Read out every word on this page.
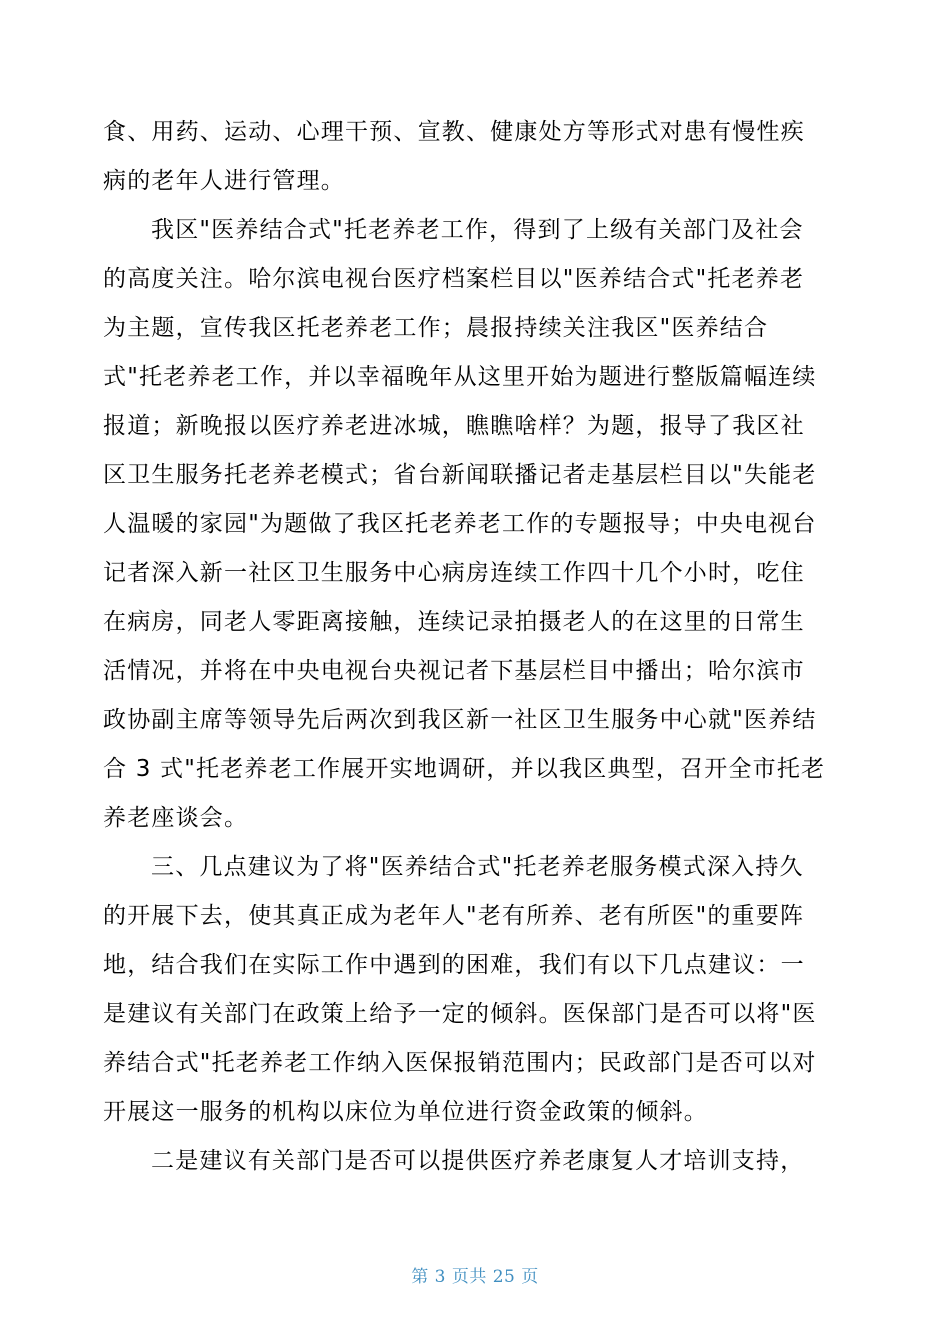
食、用药、运动、心理干预、宣教、健康处方等形式对患有慢性疾
病的老年人进行管理。
我区"医养结合式"托老养老工作，得到了上级有关部门及社会
的高度关注。哈尔滨电视台医疗档案栏目以"医养结合式"托老养老
为主题，宣传我区托老养老工作；晨报持续关注我区"医养结合
式"托老养老工作，并以幸福晚年从这里开始为题进行整版篇幅连续
报道；新晚报以医疗养老进冰城，瞧瞧啥样？为题，报导了我区社
区卫生服务托老养老模式；省台新闻联播记者走基层栏目以"失能老
人温暖的家园"为题做了我区托老养老工作的专题报导；中央电视台
记者深入新一社区卫生服务中心病房连续工作四十几个小时，吃住
在病房，同老人零距离接触，连续记录拍摄老人的在这里的日常生
活情况，并将在中央电视台央视记者下基层栏目中播出；哈尔滨市
政协副主席等领导先后两次到我区新一社区卫生服务中心就"医养结
合 3 式"托老养老工作展开实地调研，并以我区典型，召开全市托老
养老座谈会。
三、几点建议为了将"医养结合式"托老养老服务模式深入持久
的开展下去，使其真正成为老年人"老有所养、老有所医"的重要阵
地，结合我们在实际工作中遇到的困难，我们有以下几点建议：一
是建议有关部门在政策上给予一定的倾斜。医保部门是否可以将"医
养结合式"托老养老工作纳入医保报销范围内；民政部门是否可以对
开展这一服务的机构以床位为单位进行资金政策的倾斜。
二是建议有关部门是否可以提供医疗养老康复人才培训支持，
第 3 页共 25 页
